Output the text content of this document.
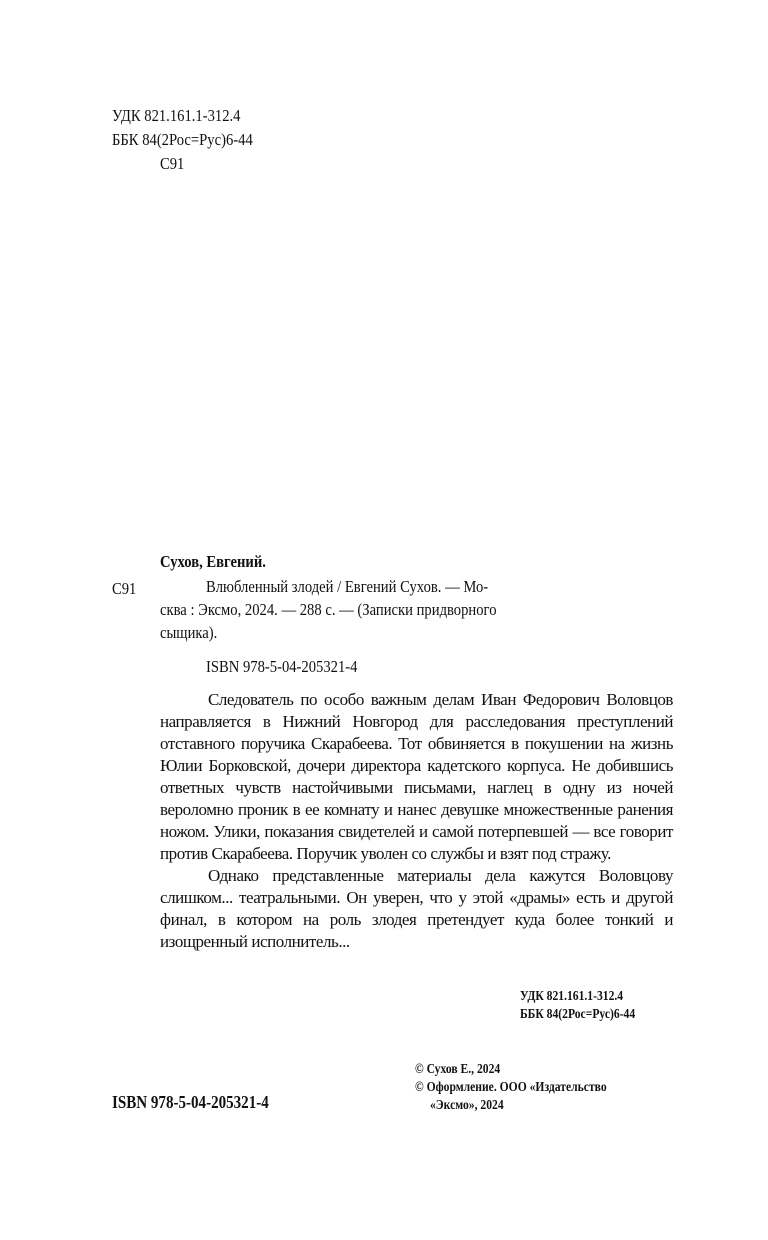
УДК 821.161.1-312.4
ББК 84(2Рос=Рус)6-44
С91
Сухов, Евгений.
С91	Влюбленный злодей / Евгений Сухов. — Мо-
сква : Эксмо, 2024. — 288 с. — (Записки придворного
сыщика).
ISBN 978-5-04-205321-4

Следователь по особо важным делам Иван Федорович Воловцов направляется в Нижний Новгород для расследования преступлений отставного поручика Скарабеева. Тот обвиняется в покушении на жизнь Юлии Борковской, дочери директора кадетского корпуса. Не добившись ответных чувств настойчивыми письмами, наглец в одну из ночей вероломно проник в ее комнату и нанес девушке множественные ранения ножом. Улики, показания свидетелей и самой потерпевшей — все говорит против Скарабеева. Поручик уволен со службы и взят под стражу.

Однако представленные материалы дела кажутся Воловцову слишком... театральными. Он уверен, что у этой «драмы» есть и другой финал, в котором на роль злодея претендует куда более тонкий и изощренный исполнитель...

УДК 821.161.1-312.4
ББК 84(2Рос=Рус)6-44
© Сухов Е., 2024
© Оформление. ООО «Издательство
«Эксмо», 2024
ISBN 978-5-04-205321-4
